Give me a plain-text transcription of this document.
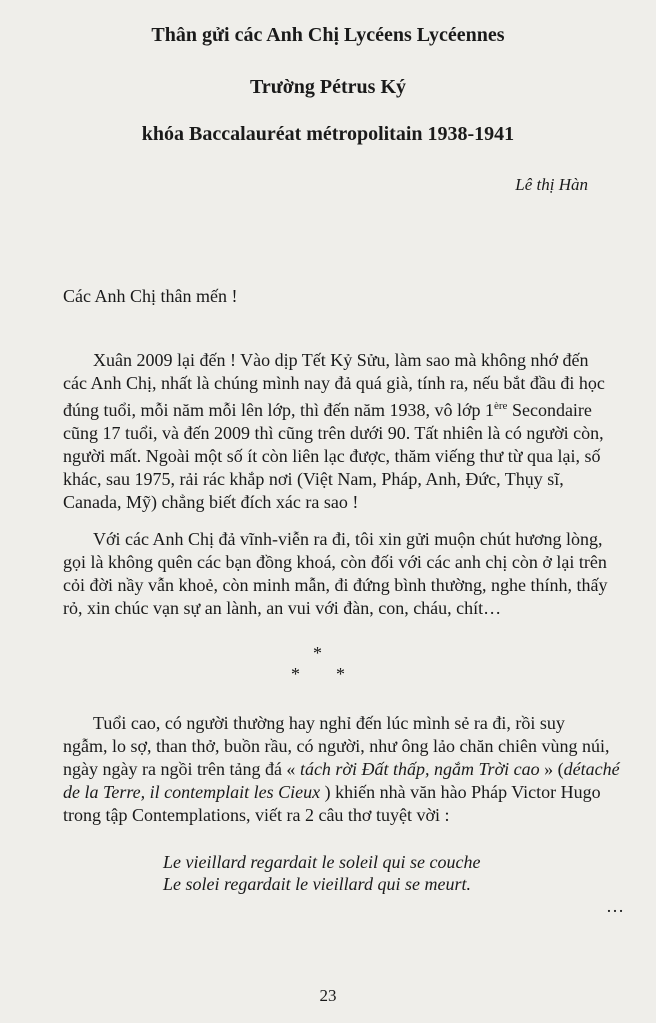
Thân gửi các Anh Chị Lycéens Lycéennes
Trường Pétrus Ký
khóa Baccalauréat métropolitain 1938-1941
Lê thị Hàn
Các Anh Chị thân mến !
Xuân 2009 lại đến ! Vào dịp Tết Kỷ Sửu, làm sao mà không nhớ đến
các Anh Chị, nhất là chúng mình nay đả quá già, tính ra, nếu bắt đầu đi học
đúng tuổi, mỗi năm mỗi lên lớp, thì đến năm 1938, vô lớp 1ère Secondaire
cũng 17 tuổi, và đến 2009 thì cũng trên dưới 90. Tất nhiên là có người còn,
người mất. Ngoài một số ít còn liên lạc được, thăm viếng thư từ qua lại, số
khác, sau 1975, rải rác khắp nơi (Việt Nam, Pháp, Anh, Đức, Thụy sĩ,
Canada, Mỹ) chẳng biết đích xác ra sao !
Với các Anh Chị đả vĩnh-viễn ra đi, tôi xin gửi muộn chút hương lòng,
gọi là không quên các bạn đồng khoá, còn đối với các anh chị còn ở lại trên
cỏi đời nầy vẫn khoẻ, còn minh mẫn, đi đứng bình thường, nghe thính, thấy
rỏ, xin chúc vạn sự an lành, an vui với đàn, con, cháu, chít…
*
* *
Tuổi cao, có người thường hay nghỉ đến lúc mình sẻ ra đi, rồi suy
ngẫm, lo sợ, than thở, buồn rầu, có người, như ông lảo chăn chiên vùng núi,
ngày ngày ra ngồi trên tảng đá « tách rời Đất thấp, ngắm Trời cao » (détaché
de la Terre, il contemplait les Cieux ) khiến nhà văn hào Pháp Victor Hugo
trong tập Contemplations, viết ra 2 câu thơ tuyệt vời :
Le vieillard regardait le soleil qui se couche
Le solei regardait le vieillard qui se meurt.
…
23
